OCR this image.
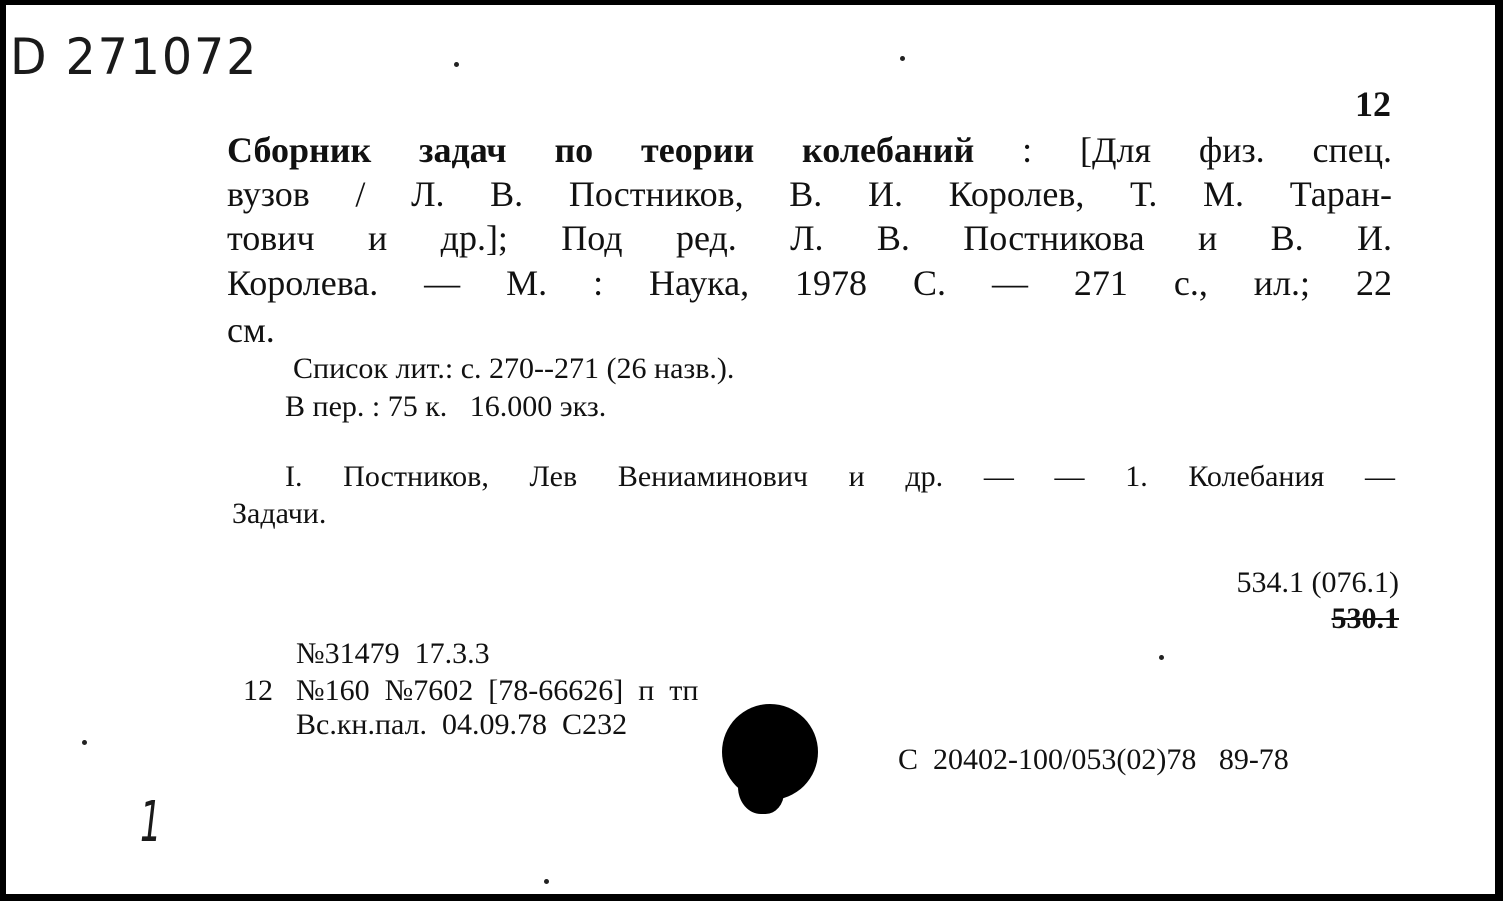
D 271072
1
12
Сборник задач по теории колебаний : [Для физ. спец.
вузов / Л. В. Постников, В. И. Королев, Т. М. Таран-
тович и др.]; Под ред. Л. В. Постникова и В. И.
Королева. — М. : Наука, 1978 С. — 271 с., ил.; 22
см.
Список лит.: с. 270--271 (26 назв.).
В пер. : 75 к.   16.000 экз.
I. Постников, Лев Вениаминович и др. — — 1. Колебания —
Задачи.
534.1 (076.1)
530.1
№31479  17.3.3
12 №160  №7602  [78-66626]  п  тп
Вс.кн.пал.  04.09.78  С232
С  20402-100/053(02)78   89-78
